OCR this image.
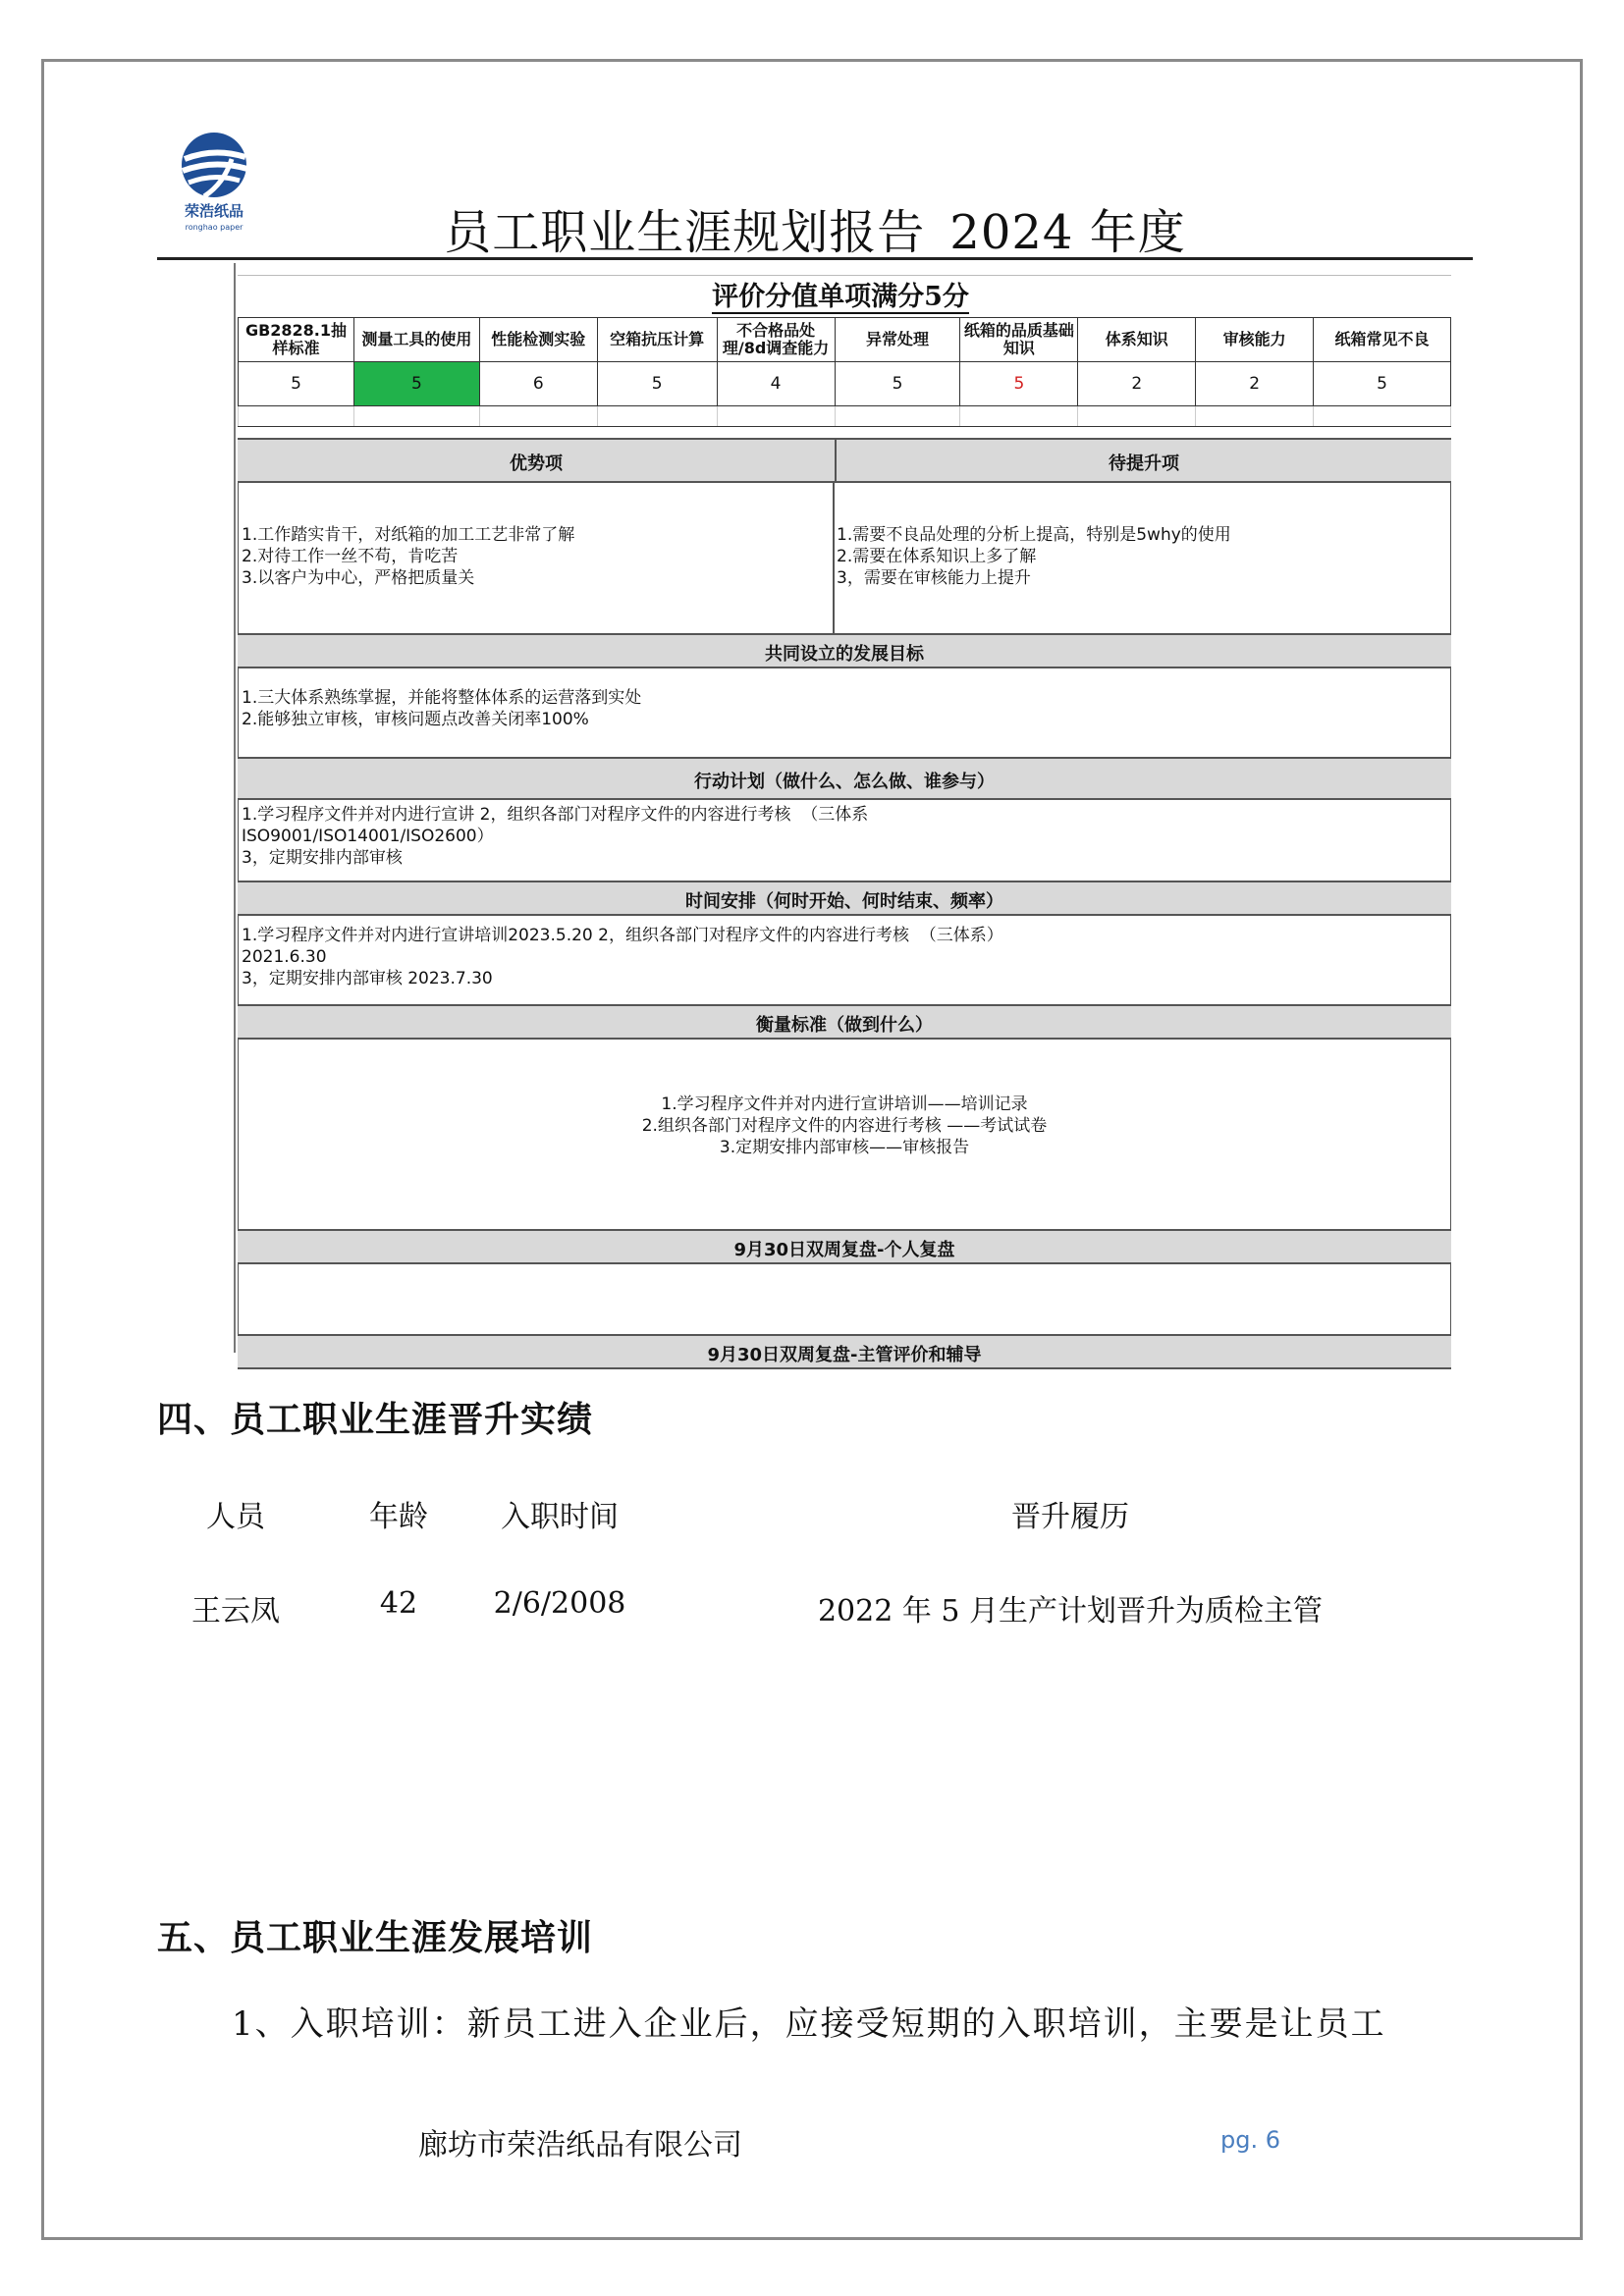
荣浩纸品
ronghao paper	员工职业生涯规划报告_2024 年度
评价分值单项满分5分
GB2828.1抽样标准	测量工具的使用	性能检测实验	空箱抗压计算	不合格品处理/8d调查能力	异常处理	纸箱的品质基础知识	体系知识	审核能力	纸箱常见不良

5	5	6	5	4	5	5	2	2	5

优势项	待提升项
1.工作踏实肯干，对纸箱的加工工艺非常了解
2.对待工作一丝不苟，肯吃苦
3.以客户为中心，严格把质量关
1.需要不良品处理的分析上提高，特别是5why的使用
2.需要在体系知识上多了解
3，需要在审核能力上提升
共同设立的发展目标
1.三大体系熟练掌握，并能将整体体系的运营落到实处
2.能够独立审核，审核问题点改善关闭率100%
行动计划（做什么、怎么做、谁参与）
1.学习程序文件并对内进行宣讲 2，组织各部门对程序文件的内容进行考核  （三体系
ISO9001/ISO14001/ISO2600）
3，定期安排内部审核
时间安排（何时开始、何时结束、频率）
1.学习程序文件并对内进行宣讲培训2023.5.20 2，组织各部门对程序文件的内容进行考核  （三体系）
2021.6.30
3，定期安排内部审核 2023.7.30
衡量标准（做到什么）
1.学习程序文件并对内进行宣讲培训——培训记录
2.组织各部门对程序文件的内容进行考核 ——考试试卷
3.定期安排内部审核——审核报告
9月30日双周复盘-个人复盘
9月30日双周复盘-主管评价和辅导
四、员工职业生涯晋升实绩
人员	年龄	入职时间	晋升履历
王云凤	42	2/6/2008	2022 年 5 月生产计划晋升为质检主管
五、员工职业生涯发展培训
1、入职培训：新员工进入企业后，应接受短期的入职培训，主要是让员工
廊坊市荣浩纸品有限公司	pg. 6
